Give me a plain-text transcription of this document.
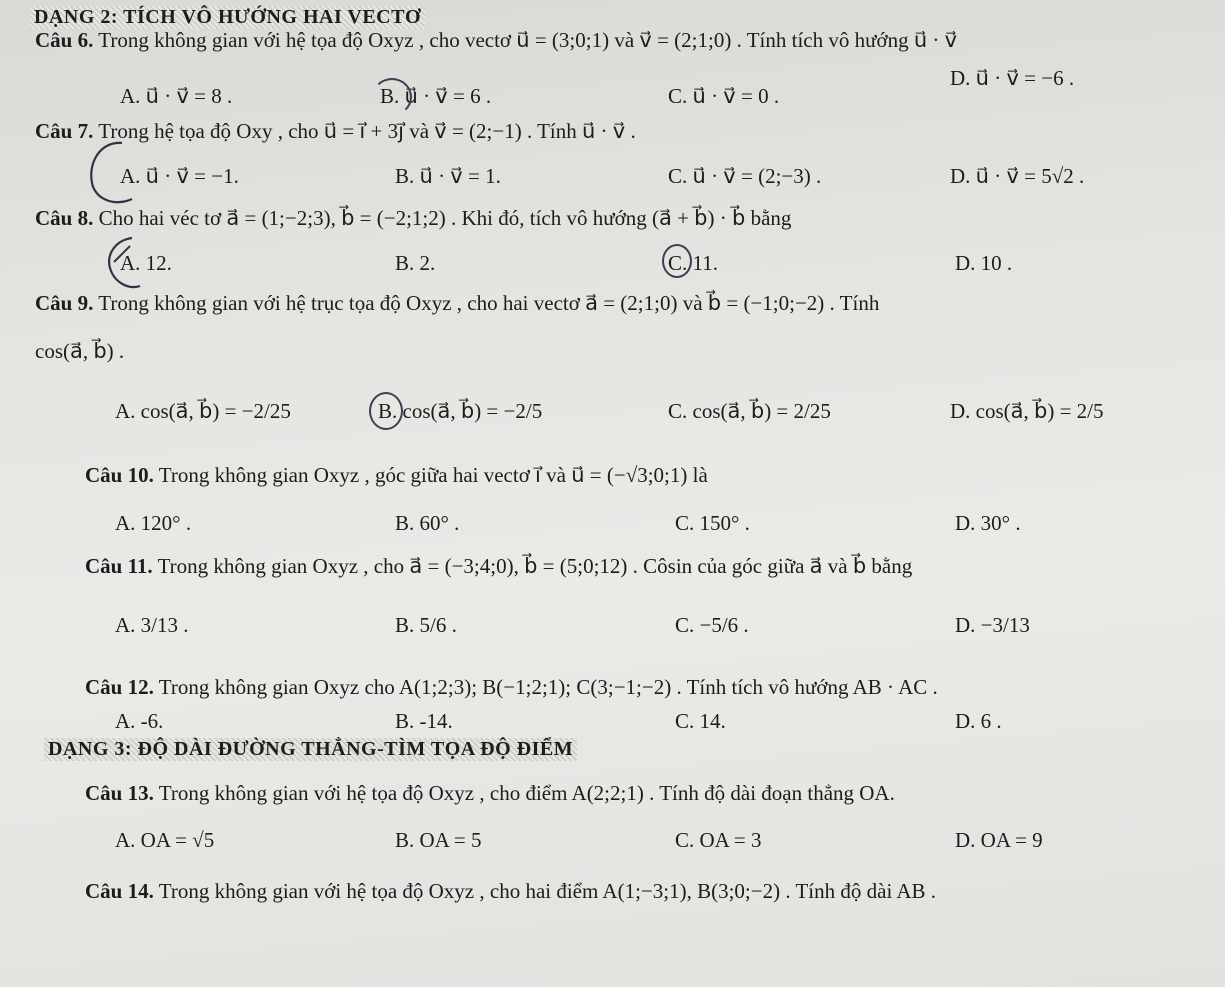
DẠNG 2: TÍCH VÔ HƯỚNG HAI VECTƠ
Câu 6. Trong không gian với hệ tọa độ Oxyz , cho vectơ u⃗ = (3;0;1) và v⃗ = (2;1;0) . Tính tích vô hướng u⃗ · v⃗
A. u⃗ · v⃗ = 8 .	B. u⃗ · v⃗ = 6 .	C. u⃗ · v⃗ = 0 .
D. u⃗ · v⃗ = −6 .
Câu 7. Trong hệ tọa độ Oxy , cho u⃗ = i⃗ + 3j⃗ và v⃗ = (2;−1) . Tính u⃗ · v⃗ .
A. u⃗ · v⃗ = −1.	B. u⃗ · v⃗ = 1.	C. u⃗ · v⃗ = (2;−3) .	D. u⃗ · v⃗ = 5√2 .
Câu 8. Cho hai véc tơ a⃗ = (1;−2;3), b⃗ = (−2;1;2) . Khi đó, tích vô hướng (a⃗ + b⃗) · b⃗ bằng
A. 12.	B. 2.	C. 11.	D. 10 .
Câu 9. Trong không gian với hệ trục tọa độ Oxyz , cho hai vectơ a⃗ = (2;1;0) và b⃗ = (−1;0;−2) . Tính
cos(a⃗, b⃗) .
A. cos(a⃗, b⃗) = −2/25	B. cos(a⃗, b⃗) = −2/5	C. cos(a⃗, b⃗) = 2/25	D. cos(a⃗, b⃗) = 2/5
Câu 10. Trong không gian Oxyz , góc giữa hai vectơ i⃗ và u⃗ = (−√3;0;1) là
A. 120° .	B. 60° .	C. 150° .	D. 30° .
Câu 11. Trong không gian Oxyz , cho a⃗ = (−3;4;0), b⃗ = (5;0;12) . Côsin của góc giữa a⃗ và b⃗ bằng
A. 3/13 .	B. 5/6 .	C. −5/6 .	D. −3/13
Câu 12. Trong không gian Oxyz cho A(1;2;3); B(−1;2;1); C(3;−1;−2) . Tính tích vô hướng AB · AC .
A. -6.	B. -14.	C. 14.	D. 6 .
DẠNG 3: ĐỘ DÀI ĐƯỜNG THẲNG-TÌM TỌA ĐỘ ĐIỂM
Câu 13. Trong không gian với hệ tọa độ Oxyz , cho điểm A(2;2;1) . Tính độ dài đoạn thẳng OA.
A. OA = √5	B. OA = 5	C. OA = 3	D. OA = 9
Câu 14. Trong không gian với hệ tọa độ Oxyz , cho hai điểm A(1;−3;1), B(3;0;−2) . Tính độ dài AB .
